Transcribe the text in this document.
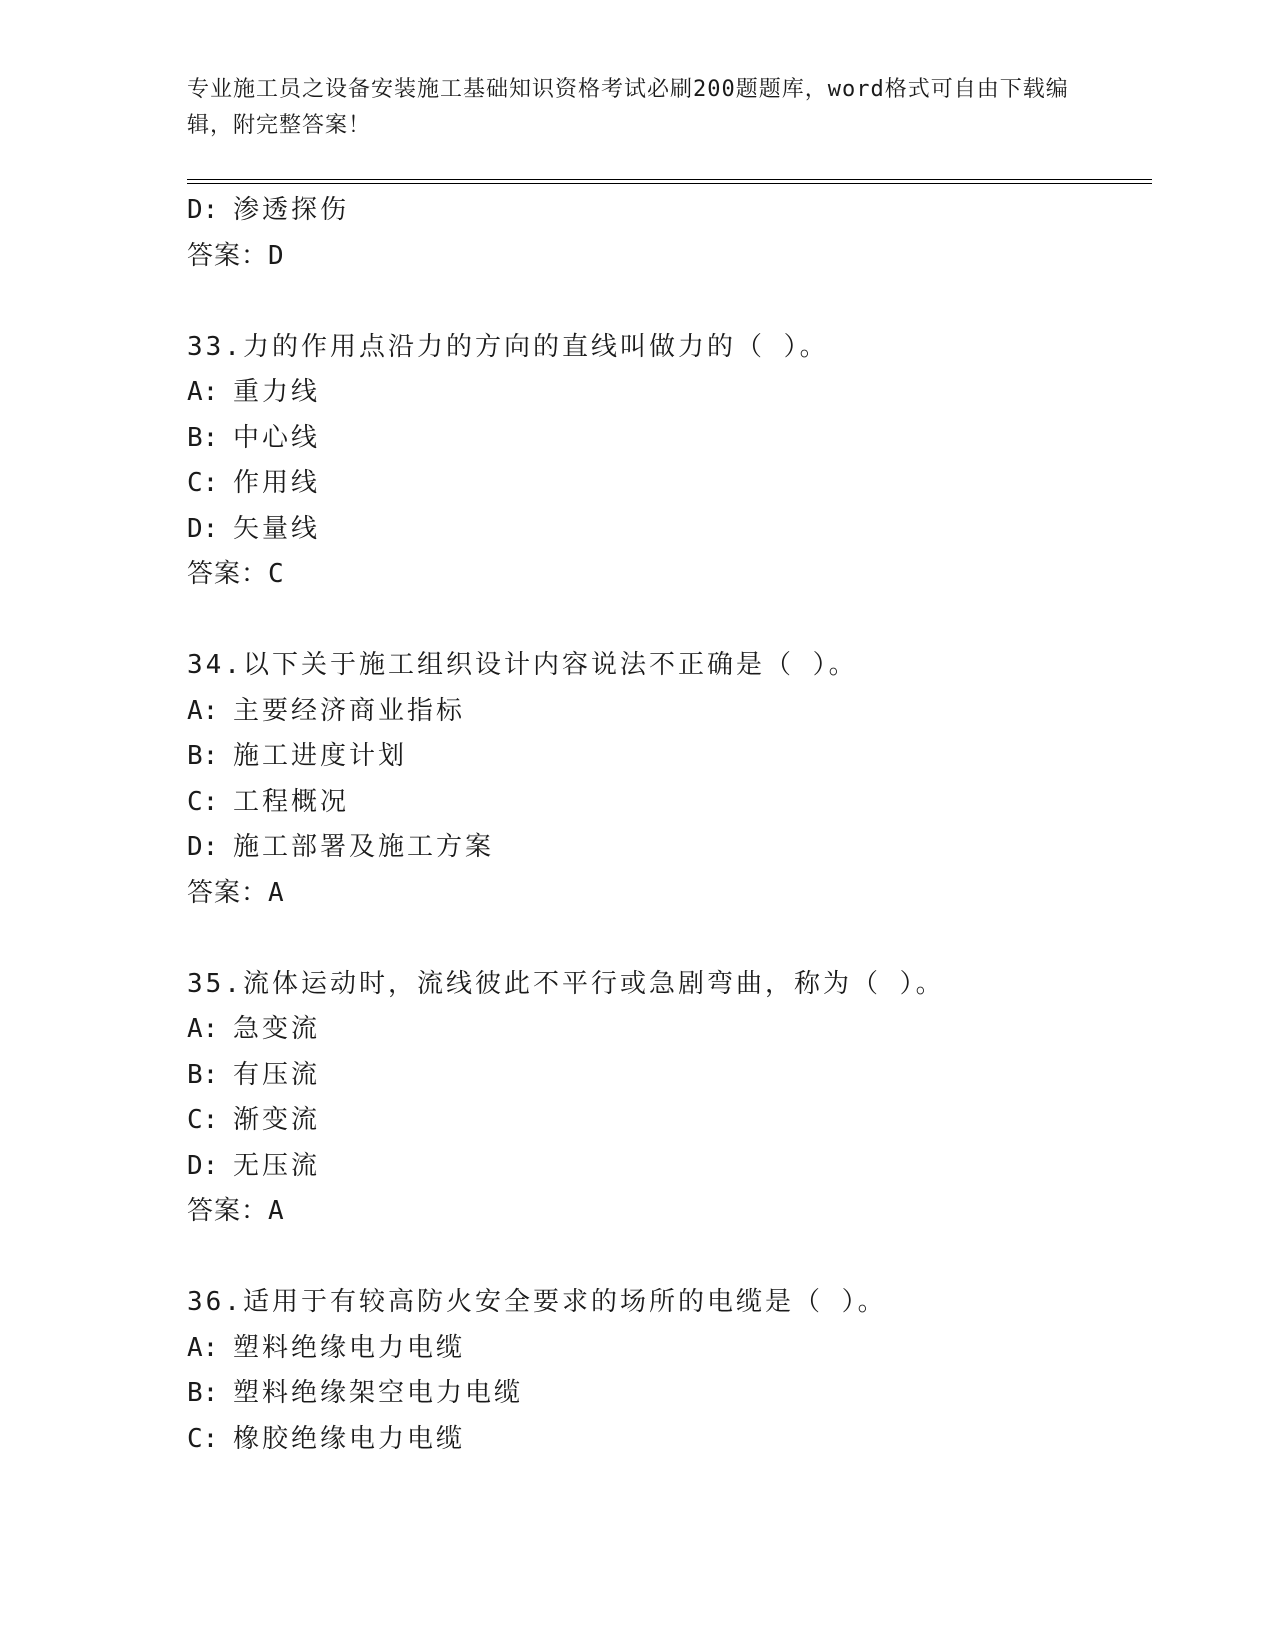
专业施工员之设备安装施工基础知识资格考试必刷200题题库，word格式可自由下载编辑，附完整答案！
D: 渗透探伤
答案：D
33.力的作用点沿力的方向的直线叫做力的（ ）。
A: 重力线
B: 中心线
C: 作用线
D: 矢量线
答案：C
34.以下关于施工组织设计内容说法不正确是（ ）。
A: 主要经济商业指标
B: 施工进度计划
C: 工程概况
D: 施工部署及施工方案
答案：A
35.流体运动时，流线彼此不平行或急剧弯曲，称为（ ）。
A: 急变流
B: 有压流
C: 渐变流
D: 无压流
答案：A
36.适用于有较高防火安全要求的场所的电缆是（ ）。
A: 塑料绝缘电力电缆
B: 塑料绝缘架空电力电缆
C: 橡胶绝缘电力电缆
